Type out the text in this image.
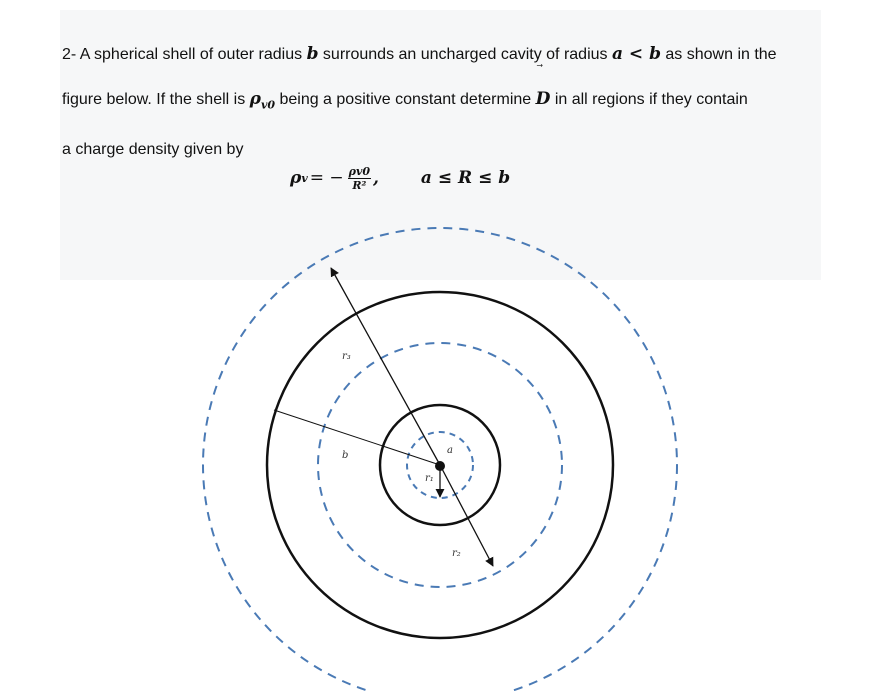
2- A spherical shell of outer radius b surrounds an uncharged cavity of radius a < b as shown in the

figure below. If the shell is $\rho_{v0}$ being a positive constant determine
D in all regions if they contain

a charge density given by

ρ v = − $\frac{\rho v0}{\text{R²}}$ , a ≤ R ≤ b
r₃
b	a
r₁
r₂
